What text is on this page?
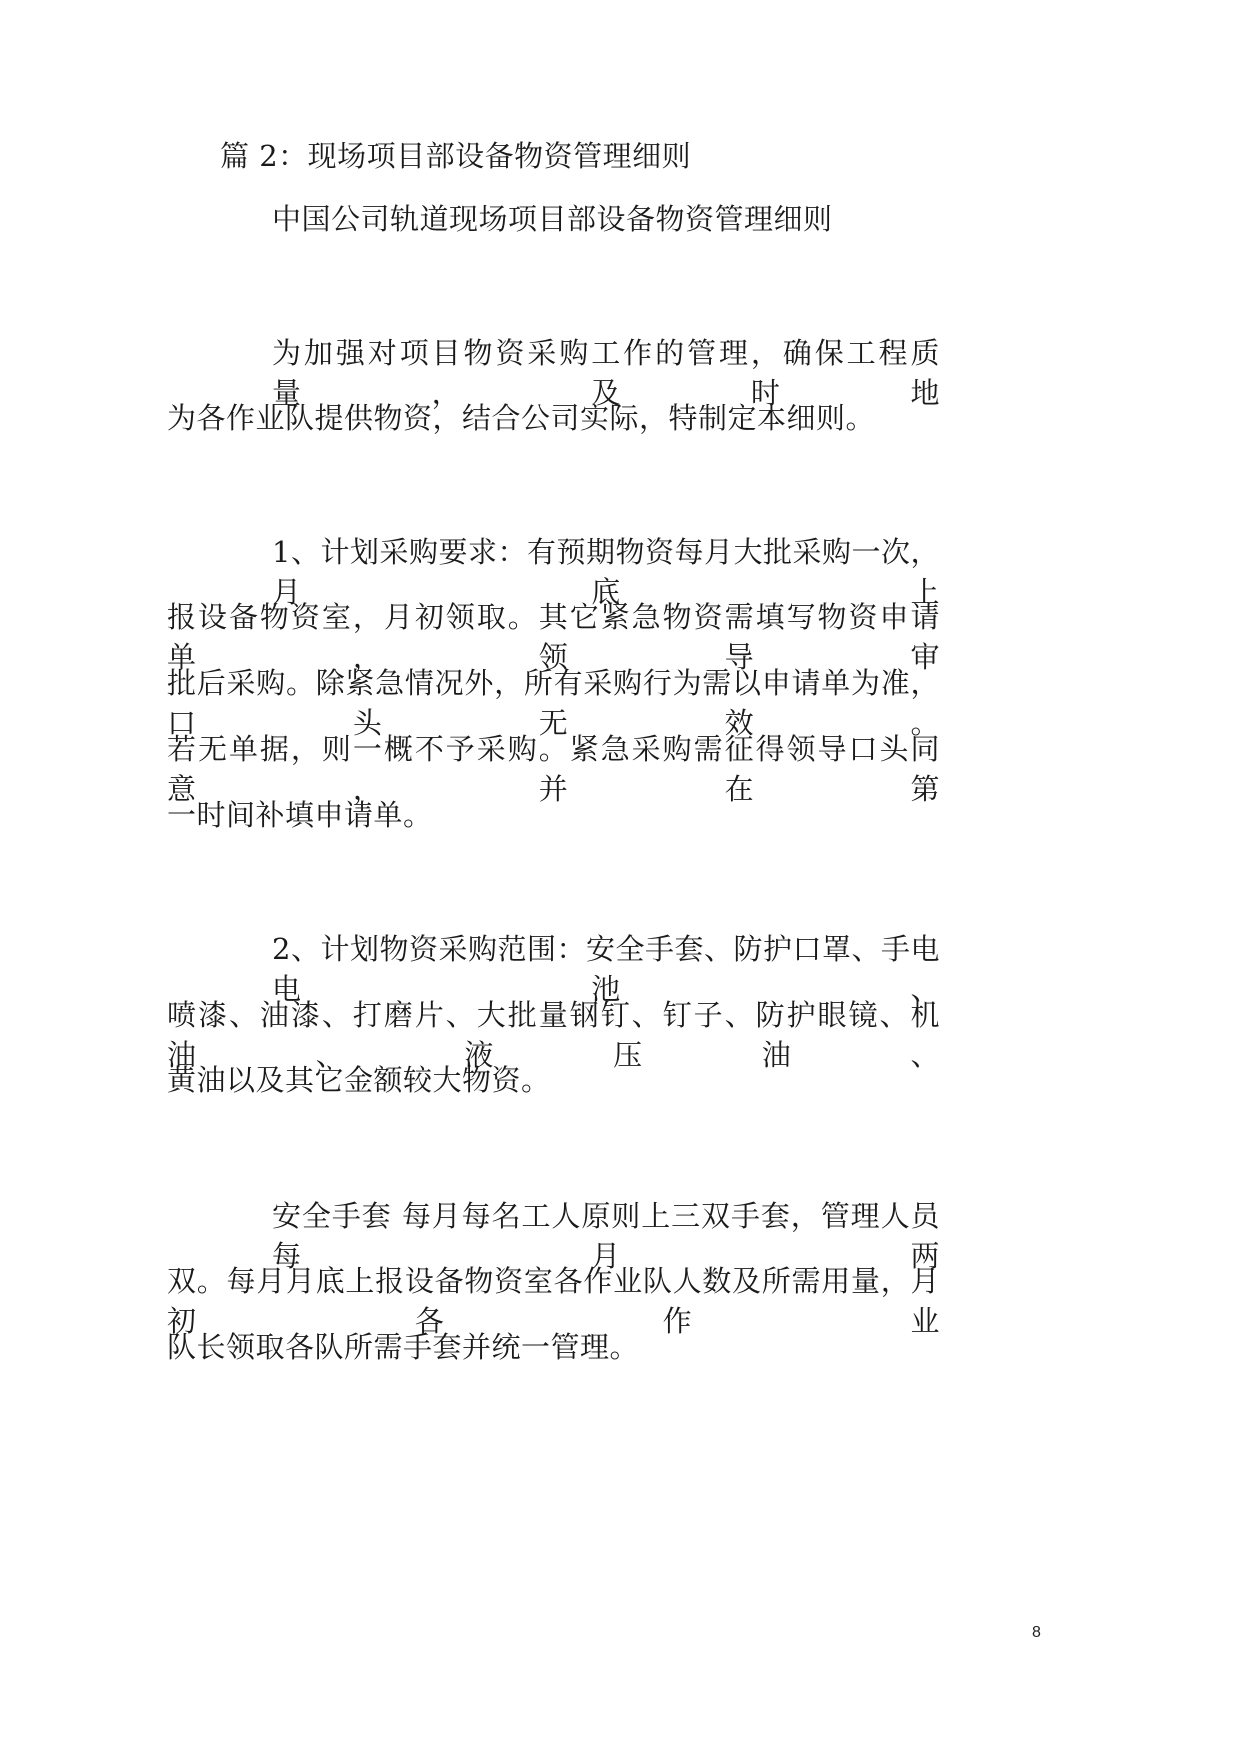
篇 2：现场项目部设备物资管理细则
中国公司轨道现场项目部设备物资管理细则
为加强对项目物资采购工作的管理，确保工程质量，及时地
为各作业队提供物资，结合公司实际，特制定本细则。
1、计划采购要求：有预期物资每月大批采购一次，月底上
报设备物资室，月初领取。其它紧急物资需填写物资申请单，领导审
批后采购。除紧急情况外，所有采购行为需以申请单为准，口头无效。
若无单据，则一概不予采购。紧急采购需征得领导口头同意，并在第
一时间补填申请单。
2、计划物资采购范围：安全手套、防护口罩、手电电池、
喷漆、油漆、打磨片、大批量钢钉、钉子、防护眼镜、机油、液压油、
黄油以及其它金额较大物资。
安全手套 每月每名工人原则上三双手套，管理人员每月两
双。每月月底上报设备物资室各作业队人数及所需用量，月初各作业
队长领取各队所需手套并统一管理。
8
